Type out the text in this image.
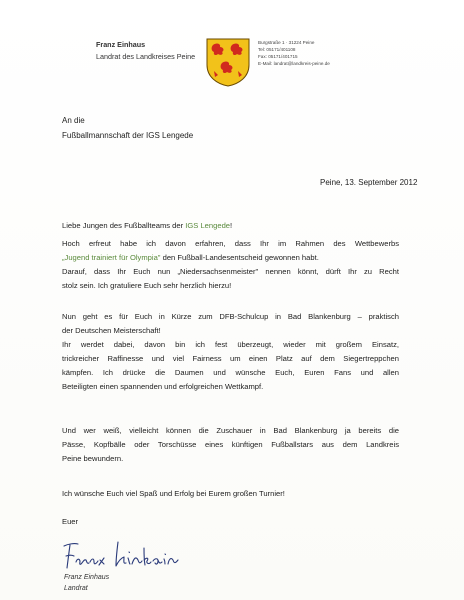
Franz Einhaus
Landrat des Landkreises Peine
Burgstraße 1 · 31224 Peine
Tel: 05171/401108
Fax: 05171/401715
E-Mail: landrat@landkreis-peine.de
An die
Fußballmannschaft der IGS Lengede
Peine, 13. September 2012
Liebe Jungen des Fußballteams der IGS Lengede!
Hoch erfreut habe ich davon erfahren, dass Ihr im Rahmen des Wettbewerbs
„Jugend trainiert für Olympia" den Fußball-Landesentscheid gewonnen habt.
Darauf, dass Ihr Euch nun „Niedersachsenmeister" nennen könnt, dürft Ihr zu Recht
stolz sein. Ich gratuliere Euch sehr herzlich hierzu!
Nun geht es für Euch in Kürze zum DFB-Schulcup in Bad Blankenburg – praktisch
der Deutschen Meisterschaft!
Ihr werdet dabei, davon bin ich fest überzeugt, wieder mit großem Einsatz,
trickreicher Raffinesse und viel Fairness um einen Platz auf dem Siegertreppchen
kämpfen. Ich drücke die Daumen und wünsche Euch, Euren Fans und allen
Beteiligten einen spannenden und erfolgreichen Wettkampf.
Und wer weiß, vielleicht können die Zuschauer in Bad Blankenburg ja bereits die
Pässe, Kopfbälle oder Torschüsse eines künftigen Fußballstars aus dem Landkreis
Peine bewundern.
Ich wünsche Euch viel Spaß und Erfolg bei Eurem großen Turnier!
Euer
Franz Einhaus
Landrat
